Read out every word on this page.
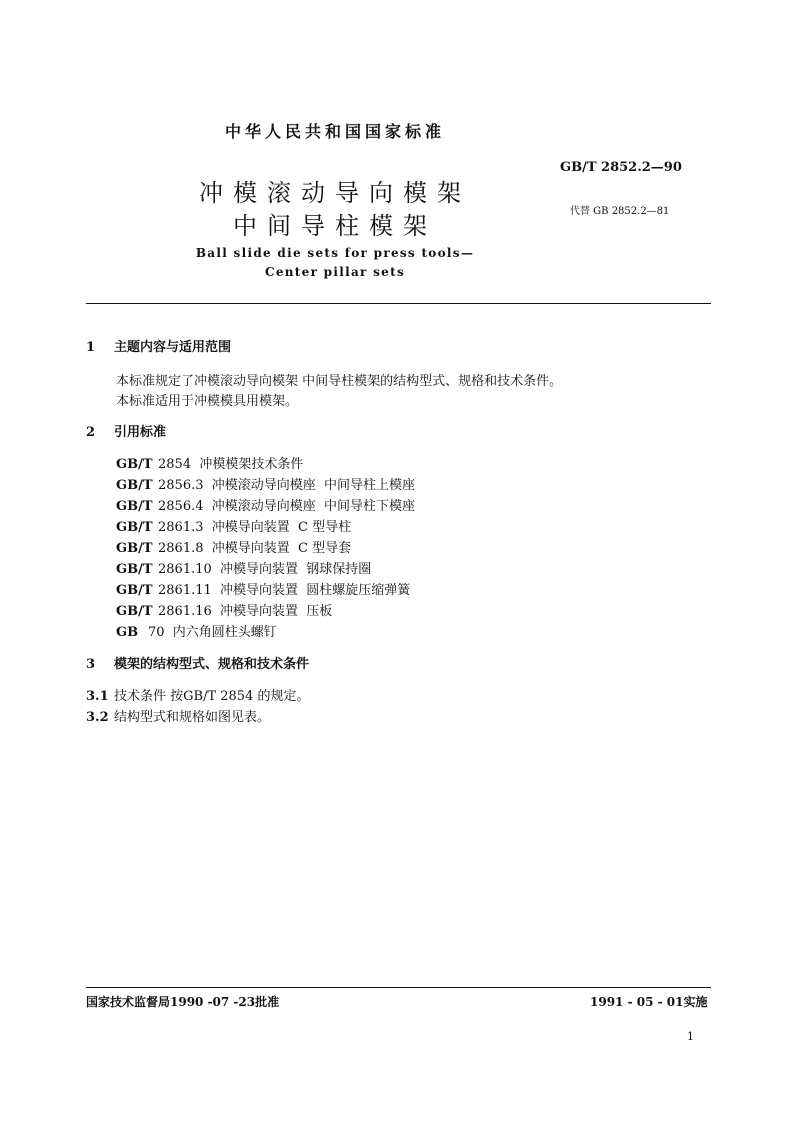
中华人民共和国国家标准
GB/T 2852.2—90
代替 GB 2852.2—81
冲模滚动导向模架
中间导柱模架
Ball slide die sets for press tools—
Center pillar sets
1 主题内容与适用范围
本标准规定了冲模滚动导向模架 中间导柱模架的结构型式、规格和技术条件。
本标准适用于冲模模具用模架。
2 引用标准
GB/T 2854  冲模模架技术条件
GB/T 2856.3  冲模滚动导向模座  中间导柱上模座
GB/T 2856.4  冲模滚动导向模座  中间导柱下模座
GB/T 2861.3  冲模导向装置  C 型导柱
GB/T 2861.8  冲模导向装置  C 型导套
GB/T 2861.10  冲模导向装置  钢球保持圈
GB/T 2861.11  冲模导向装置  圆柱螺旋压缩弹簧
GB/T 2861.16  冲模导向装置  压板
GB 70  内六角圆柱头螺钉
3 模架的结构型式、规格和技术条件
3.1 技术条件 按GB/T 2854 的规定。
3.2 结构型式和规格如图见表。
国家技术监督局1990 -07 -23批准	1991 - 05 - 01实施
1
